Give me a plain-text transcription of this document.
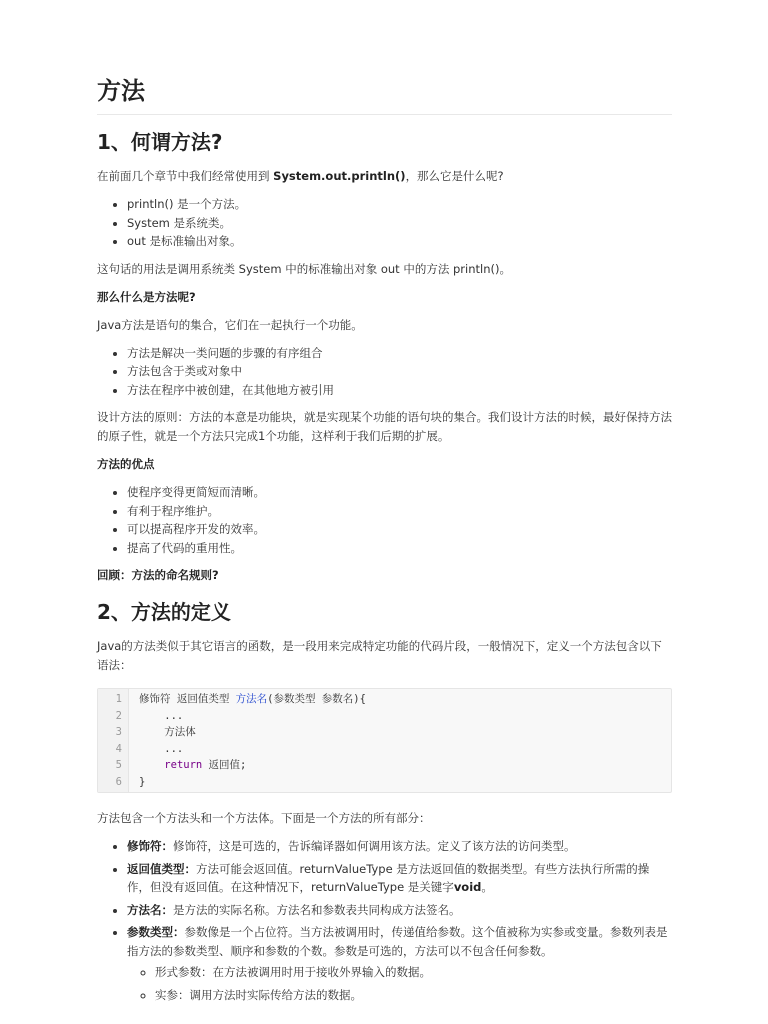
方法
1、何谓方法?

在前面几个章节中我们经常使用到 System.out.println()，那么它是什么呢?

• println() 是一个方法。
• System 是系统类。
• out 是标准输出对象。

这句话的用法是调用系统类 System 中的标准输出对象 out 中的方法 println()。

那么什么是方法呢?

Java方法是语句的集合，它们在一起执行一个功能。

• 方法是解决一类问题的步骤的有序组合
• 方法包含于类或对象中
• 方法在程序中被创建，在其他地方被引用

设计方法的原则：方法的本意是功能块，就是实现某个功能的语句块的集合。我们设计方法的时候，最好保持方法的原子性，就是一个方法只完成1个功能，这样利于我们后期的扩展。

方法的优点

• 使程序变得更简短而清晰。
• 有利于程序维护。
• 可以提高程序开发的效率。
• 提高了代码的重用性。

回顾：方法的命名规则?

2、方法的定义

Java的方法类似于其它语言的函数，是一段用来完成特定功能的代码片段，一般情况下，定义一个方法包含以下语法：

1
2
3
4
5
6
修饰符 返回值类型 方法名(参数类型 参数名){
...
方法体
...
return 返回值;
}

方法包含一个方法头和一个方法体。下面是一个方法的所有部分：

• 修饰符：修饰符，这是可选的，告诉编译器如何调用该方法。定义了该方法的访问类型。
• 返回值类型：方法可能会返回值。returnValueType 是方法返回值的数据类型。有些方法执行所需的操作，但没有返回值。在这种情况下，returnValueType 是关键字void。
• 方法名：是方法的实际名称。方法名和参数表共同构成方法签名。
• 参数类型：参数像是一个占位符。当方法被调用时，传递值给参数。这个值被称为实参或变量。参数列表是指方法的参数类型、顺序和参数的个数。参数是可选的，方法可以不包含任何参数。
◦ 形式参数：在方法被调用时用于接收外界输入的数据。
◦ 实参：调用方法时实际传给方法的数据。
